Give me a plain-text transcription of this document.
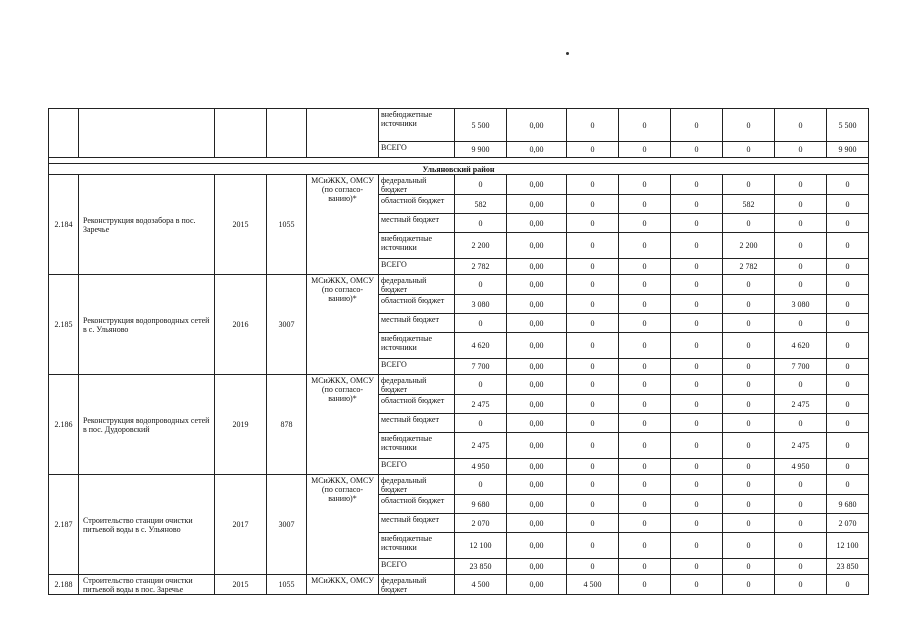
					внебюджетные источники	5 500	0,00	0	0	0	0	0	5 500
					ВСЕГО	9 900	0,00	0	0	0	0	0	9 900

Ульяновский район													
2.184	Реконструкция водозабора в пос. Заречье	2015	1055	МСиЖКХ, ОМСУ (по согласо-ванию)*	федеральный бюджет	0	0,00	0	0	0	0	0	0
					областной бюджет	582	0,00	0	0	0	582	0	0
					местный бюджет	0	0,00	0	0	0	0	0	0
					внебюджетные источники	2 200	0,00	0	0	0	2 200	0	0
					ВСЕГО	2 782	0,00	0	0	0	2 782	0	0
2.185	Реконструкция водопроводных сетей в с. Ульяново	2016	3007	МСиЖКХ, ОМСУ (по согласо-ванию)*	федеральный бюджет	0	0,00	0	0	0	0	0	0
					областной бюджет	3 080	0,00	0	0	0	0	3 080	0
					местный бюджет	0	0,00	0	0	0	0	0	0
					внебюджетные источники	4 620	0,00	0	0	0	0	4 620	0
					ВСЕГО	7 700	0,00	0	0	0	0	7 700	0
2.186	Реконструкция водопроводных сетей в пос. Дудоровский	2019	878	МСиЖКХ, ОМСУ (по согласо-ванию)*	федеральный бюджет	0	0,00	0	0	0	0	0	0
					областной бюджет	2 475	0,00	0	0	0	0	2 475	0
					местный бюджет	0	0,00	0	0	0	0	0	0
					внебюджетные источники	2 475	0,00	0	0	0	0	2 475	0
					ВСЕГО	4 950	0,00	0	0	0	0	4 950	0
2.187	Строительство станции очистки питьевой воды в с. Ульяново	2017	3007	МСиЖКХ, ОМСУ (по согласо-ванию)*	федеральный бюджет	0	0,00	0	0	0	0	0	0
					областной бюджет	9 680	0,00	0	0	0	0	0	9 680
					местный бюджет	2 070	0,00	0	0	0	0	0	2 070
					внебюджетные источники	12 100	0,00	0	0	0	0	0	12 100
					ВСЕГО	23 850	0,00	0	0	0	0	0	23 850
2.188	Строительство станции очистки питьевой воды в пос. Заречье	2015	1055	МСиЖКХ, ОМСУ	федеральный бюджет	4 500	0,00	4 500	0	0	0	0	0
